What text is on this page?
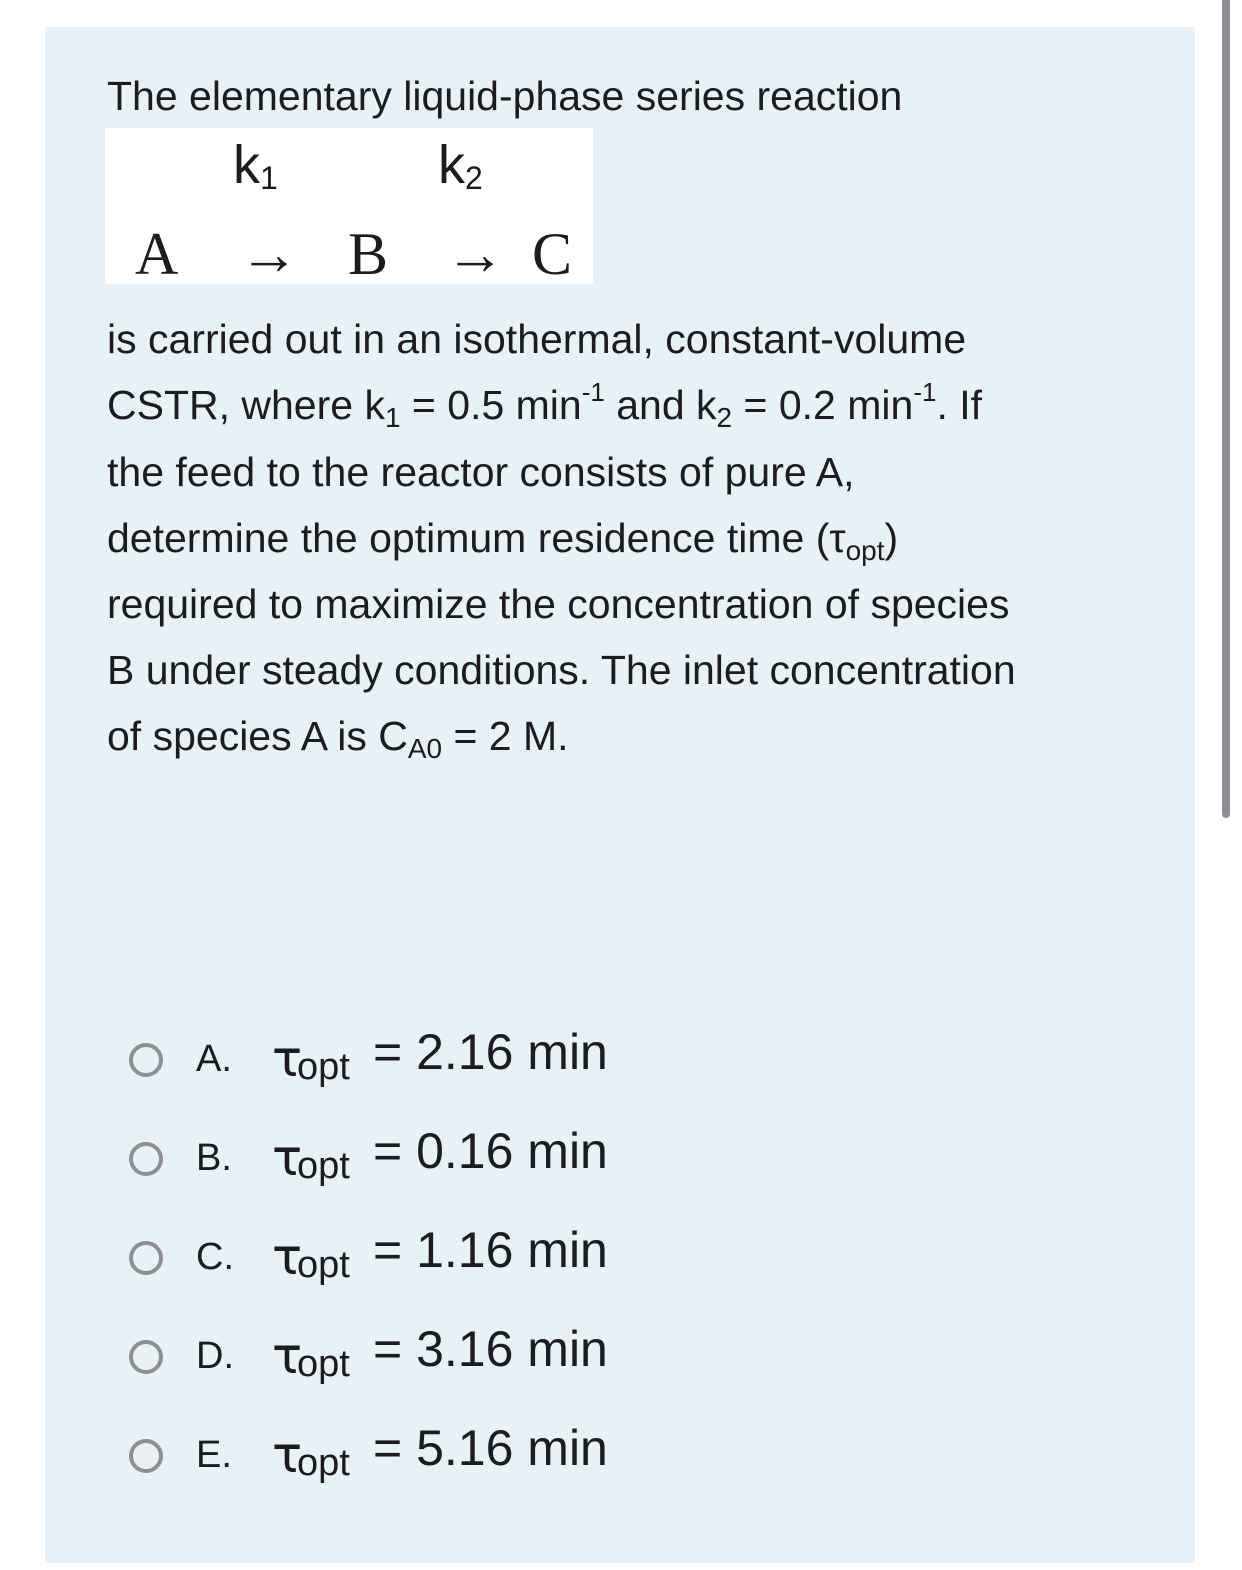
The elementary liquid-phase series reaction
$k_1$	$k_2$
A → B → C
is carried out in an isothermal, constant-volume
CSTR, where $k_1 = 0.5$ $\min^{-1}$ and $k_2 = 0.2$ $\min^{-1}$. If
the feed to the reactor consists of pure A,
determine the optimum residence time $(\tau_{opt})$
required to maximize the concentration of species
B under steady conditions. The inlet concentration
of species A is $C_{A0} = 2$ M.
A. τ
opt = 2.16 min
B. τ
opt = 0.16 min
C. τ
opt = 1.16 min
D. τ
opt = 3.16 min
E. τ
opt = 5.16 min
